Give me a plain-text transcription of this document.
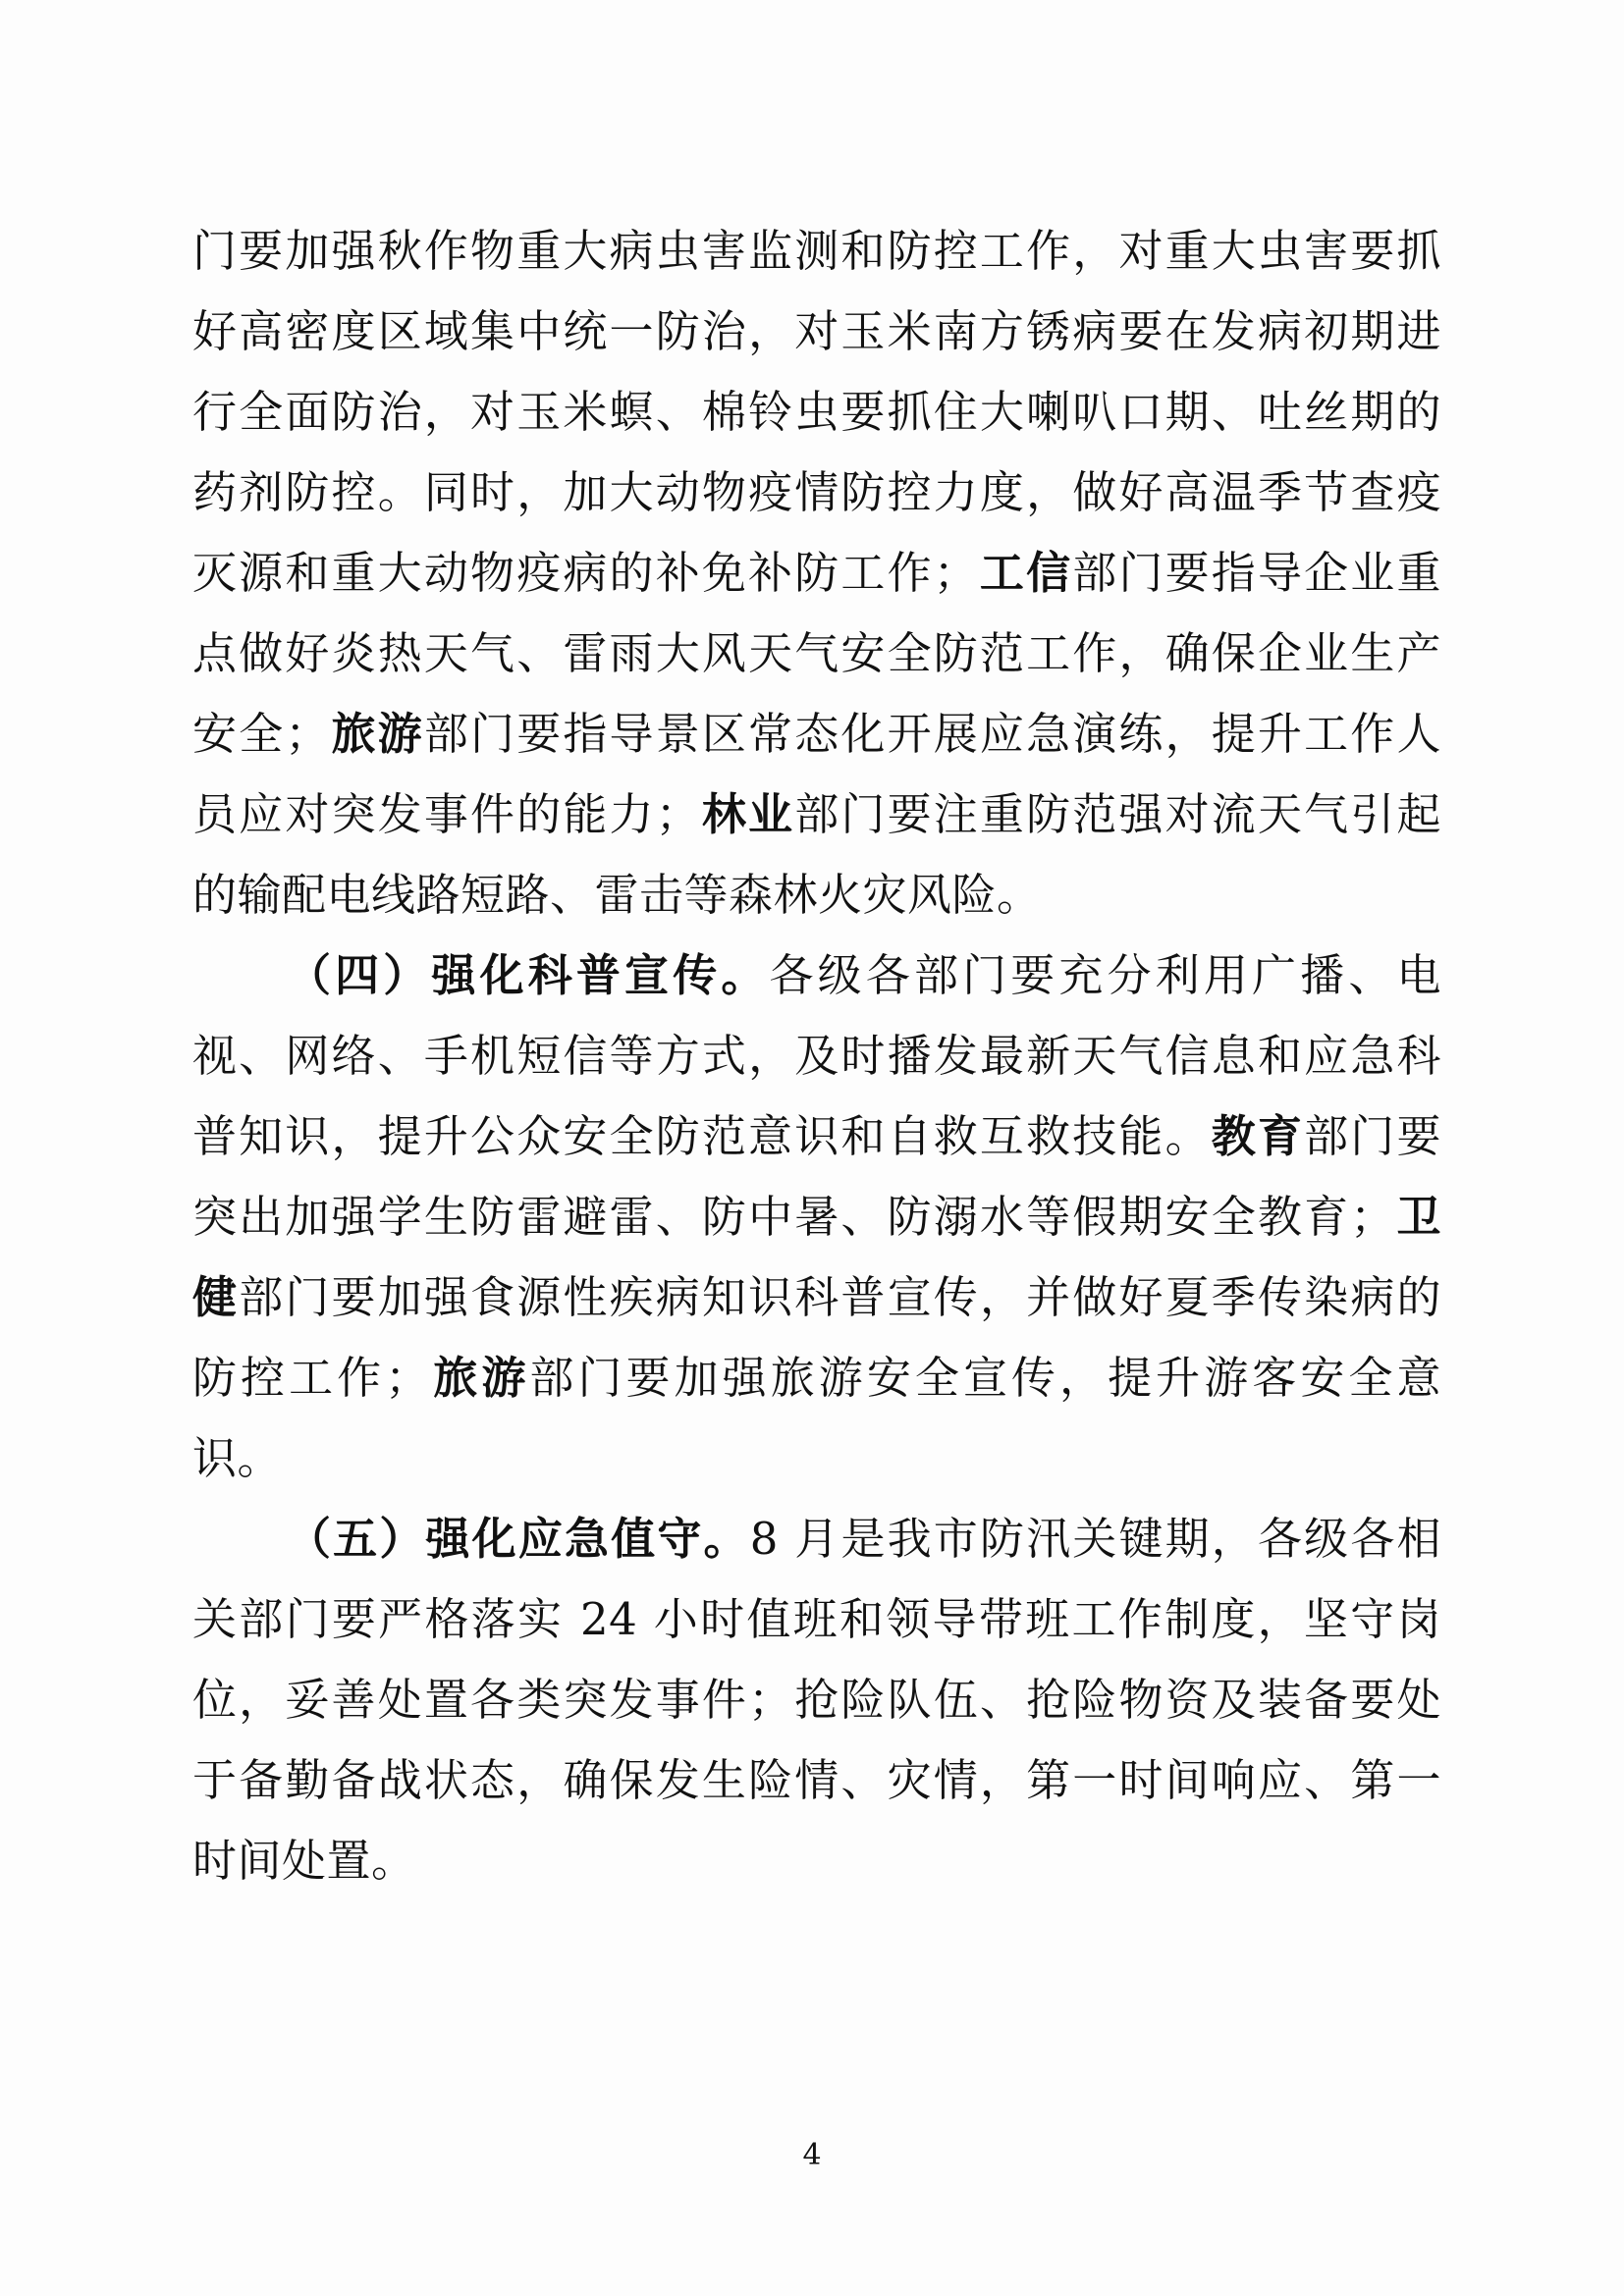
门要加强秋作物重大病虫害监测和防控工作，对重大虫害要抓好高密度区域集中统一防治，对玉米南方锈病要在发病初期进行全面防治，对玉米螟、棉铃虫要抓住大喇叭口期、吐丝期的药剂防控。同时，加大动物疫情防控力度，做好高温季节查疫灭源和重大动物疫病的补免补防工作；工信部门要指导企业重点做好炎热天气、雷雨大风天气安全防范工作，确保企业生产安全；旅游部门要指导景区常态化开展应急演练，提升工作人员应对突发事件的能力；林业部门要注重防范强对流天气引起的输配电线路短路、雷击等森林火灾风险。

（四）强化科普宣传。各级各部门要充分利用广播、电视、网络、手机短信等方式，及时播发最新天气信息和应急科普知识，提升公众安全防范意识和自救互救技能。教育部门要突出加强学生防雷避雷、防中暑、防溺水等假期安全教育；卫健部门要加强食源性疾病知识科普宣传，并做好夏季传染病的防控工作；旅游部门要加强旅游安全宣传，提升游客安全意识。

（五）强化应急值守。8 月是我市防汛关键期，各级各相关部门要严格落实 24 小时值班和领导带班工作制度，坚守岗位，妥善处置各类突发事件；抢险队伍、抢险物资及装备要处于备勤备战状态，确保发生险情、灾情，第一时间响应、第一时间处置。

4
